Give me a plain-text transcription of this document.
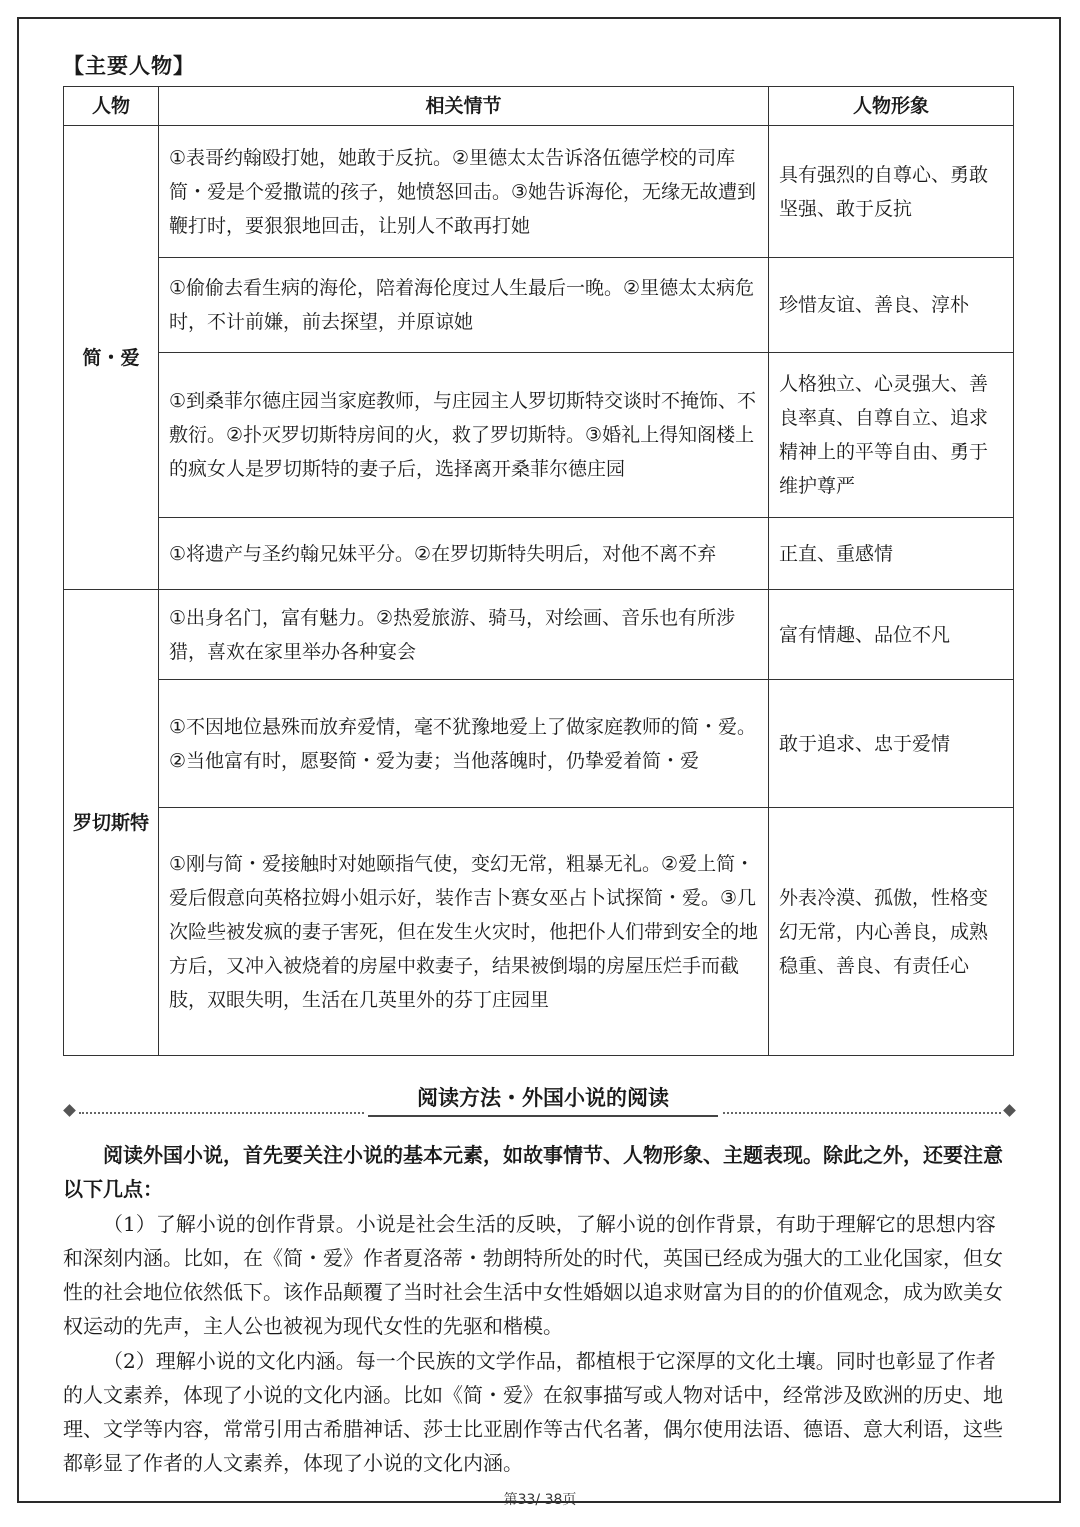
【主要人物】
人物	相关情节	人物形象
简・爱	①表哥约翰殴打她，她敢于反抗。②里德太太告诉洛伍德学校的司库简・爱是个爱撒谎的孩子，她愤怒回击。③她告诉海伦，无缘无故遭到鞭打时，要狠狠地回击，让别人不敢再打她	具有强烈的自尊心、勇敢坚强、敢于反抗
	①偷偷去看生病的海伦，陪着海伦度过人生最后一晚。②里德太太病危时，不计前嫌，前去探望，并原谅她	珍惜友谊、善良、淳朴
	①到桑菲尔德庄园当家庭教师，与庄园主人罗切斯特交谈时不掩饰、不敷衍。②扑灭罗切斯特房间的火，救了罗切斯特。③婚礼上得知阁楼上的疯女人是罗切斯特的妻子后，选择离开桑菲尔德庄园	人格独立、心灵强大、善良率真、自尊自立、追求精神上的平等自由、勇于维护尊严
	①将遗产与圣约翰兄妹平分。②在罗切斯特失明后，对他不离不弃	正直、重感情
罗切斯特	①出身名门，富有魅力。②热爱旅游、骑马，对绘画、音乐也有所涉猎，喜欢在家里举办各种宴会	富有情趣、品位不凡
	①不因地位悬殊而放弃爱情，毫不犹豫地爱上了做家庭教师的简・爱。②当他富有时，愿娶简・爱为妻；当他落魄时，仍挚爱着简・爱	敢于追求、忠于爱情
	①刚与简・爱接触时对她颐指气使，变幻无常，粗暴无礼。②爱上简・爱后假意向英格拉姆小姐示好，装作吉卜赛女巫占卜试探简・爱。③几次险些被发疯的妻子害死，但在发生火灾时，他把仆人们带到安全的地方后，又冲入被烧着的房屋中救妻子，结果被倒塌的房屋压烂手而截肢，双眼失明，生活在几英里外的芬丁庄园里	外表冷漠、孤傲，性格变幻无常，内心善良，成熟稳重、善良、有责任心
阅读方法・外国小说的阅读
阅读外国小说，首先要关注小说的基本元素，如故事情节、人物形象、主题表现。除此之外，还要注意以下几点：
（1）了解小说的创作背景。小说是社会生活的反映，了解小说的创作背景，有助于理解它的思想内容和深刻内涵。比如，在《简・爱》作者夏洛蒂・勃朗特所处的时代，英国已经成为强大的工业化国家，但女性的社会地位依然低下。该作品颠覆了当时社会生活中女性婚姻以追求财富为目的的价值观念，成为欧美女权运动的先声，主人公也被视为现代女性的先驱和楷模。
（2）理解小说的文化内涵。每一个民族的文学作品，都植根于它深厚的文化土壤。同时也彰显了作者的人文素养，体现了小说的文化内涵。比如《简・爱》在叙事描写或人物对话中，经常涉及欧洲的历史、地理、文学等内容，常常引用古希腊神话、莎士比亚剧作等古代名著，偶尔使用法语、德语、意大利语，这些都彰显了作者的人文素养，体现了小说的文化内涵。
第33/ 38页
